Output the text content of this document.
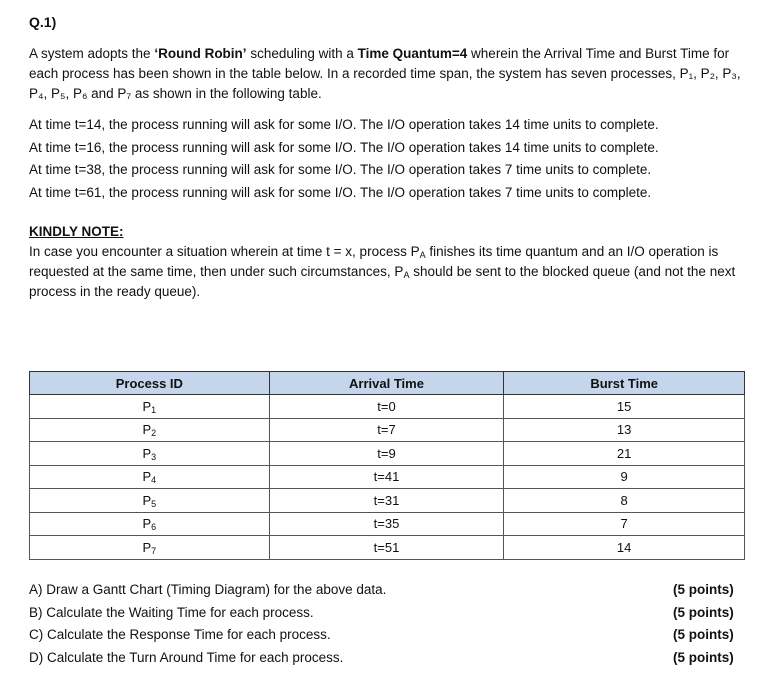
Q.1)

A system adopts the ‘Round Robin’ scheduling with a Time Quantum=4 wherein the Arrival Time and Burst Time for each process has been shown in the table below. In a recorded time span, the system has seven processes, P₁, P₂, P₃, P₄, P₅, P₆ and P₇ as shown in the following table.

At time t=14, the process running will ask for some I/O. The I/O operation takes 14 time units to complete.

At time t=16, the process running will ask for some I/O. The I/O operation takes 14 time units to complete.

At time t=38, the process running will ask for some I/O. The I/O operation takes 7 time units to complete.

At time t=61, the process running will ask for some I/O. The I/O operation takes 7 time units to complete.

KINDLY NOTE:

In case you encounter a situation wherein at time t = x, process $P_A$ finishes its time quantum and an I/O operation is requested at the same time, then under such circumstances, $P_A$ should be sent to the blocked queue (and not the next process in the ready queue).

Process ID	Arrival Time	Burst Time
$P_1$	t=0	15
$P_2$	t=7	13
$P_3$	t=9	21
$P_4$	t=41	9
$P_5$	t=31	8
$P_6$	t=35	7
$P_7$	t=51	14
A) Draw a Gantt Chart (Timing Diagram) for the above data.	(5 points)
B) Calculate the Waiting Time for each process.	(5 points)
C) Calculate the Response Time for each process.	(5 points)
D) Calculate the Turn Around Time for each process.	(5 points)
